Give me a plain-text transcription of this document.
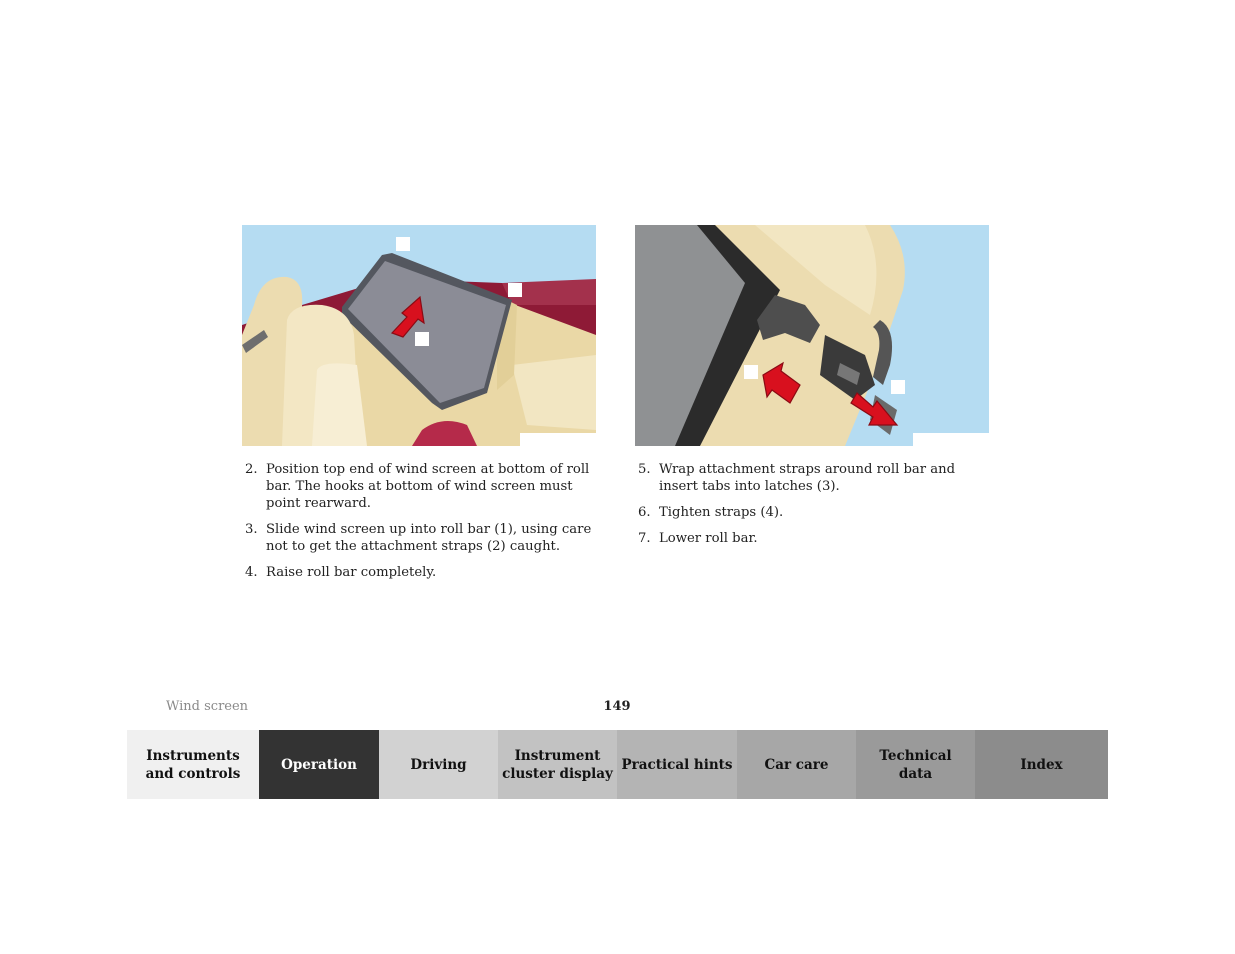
2. Position top end of wind screen at bottom of roll bar. The hooks at bottom of wind screen must point rearward.
3. Slide wind screen up into roll bar (1), using care not to get the attachment straps (2) caught.
4. Raise roll bar completely.
5. Wrap attachment straps around roll bar and insert tabs into latches (3).
6. Tighten straps (4).
7. Lower roll bar.
Wind screen	149
Instruments
and controls
Operation	Driving
Instrument
cluster display
Practical hints Car care
Technical
data
Index
